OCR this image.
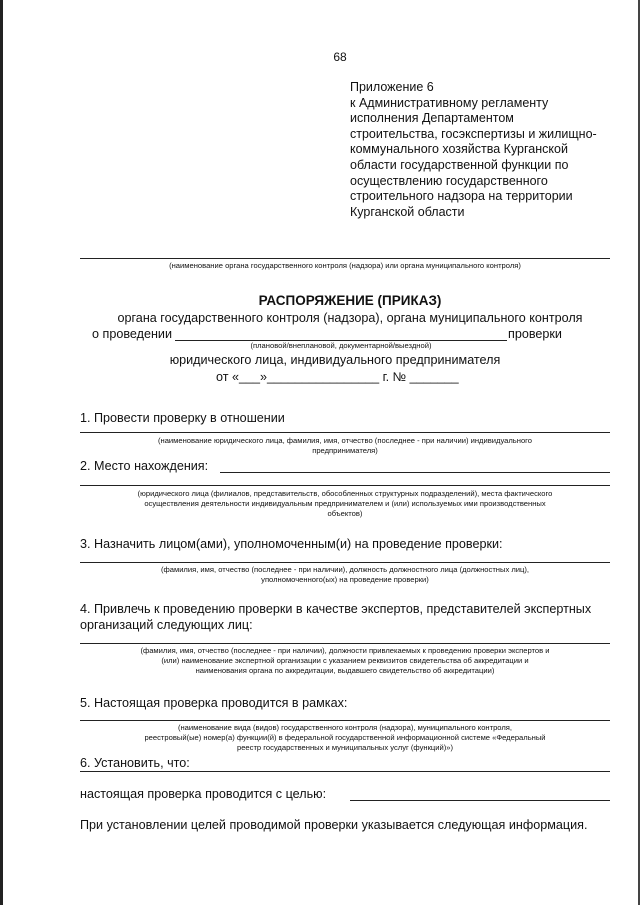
68
Приложение 6
к Административному регламенту
исполнения Департаментом
строительства, госэкспертизы и жилищно-
коммунального хозяйства Курганской
области государственной функции по
осуществлению государственного
строительного надзора на территории
Курганской области
(наименование органа государственного контроля (надзора) или органа муниципального контроля)
РАСПОРЯЖЕНИЕ (ПРИКАЗ)
органа государственного контроля (надзора), органа муниципального контроля
о проведении	проверки
(плановой/внеплановой, документарной/выездной)
юридического лица, индивидуального предпринимателя
от «___»________________ г. № _______
1. Провести проверку в отношении
(наименование юридического лица, фамилия, имя, отчество (последнее - при наличии) индивидуального
предпринимателя)
2. Место нахождения:
(юридического лица (филиалов, представительств, обособленных структурных подразделений), места фактического
осуществления деятельности индивидуальным предпринимателем и (или) используемых ими производственных
объектов)
3. Назначить лицом(ами), уполномоченным(и) на проведение проверки:
(фамилия, имя, отчество (последнее - при наличии), должность должностного лица (должностных лиц),
уполномоченного(ых) на проведение проверки)
4. Привлечь к проведению проверки в качестве экспертов, представителей экспертных
организаций следующих лиц:
(фамилия, имя, отчество (последнее - при наличии), должности привлекаемых к проведению проверки экспертов и
(или) наименование экспертной организации с указанием реквизитов свидетельства об аккредитации и
наименования органа по аккредитации, выдавшего свидетельство об аккредитации)
5. Настоящая проверка проводится в рамках:
(наименование вида (видов) государственного контроля (надзора), муниципального контроля,
реестровый(ые) номер(а) функции(й) в федеральной государственной информационной системе «Федеральный
реестр государственных и муниципальных услуг (функций)»)
6. Установить, что:
настоящая проверка проводится с целью:
При установлении целей проводимой проверки указывается следующая информация.
